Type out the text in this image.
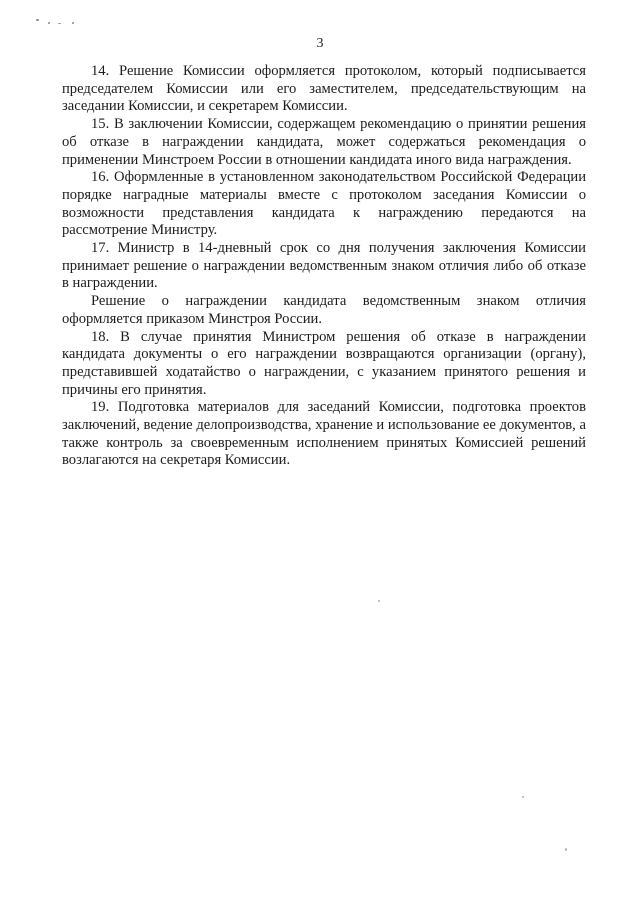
3

14. Решение Комиссии оформляется протоколом, который подписывается председателем Комиссии или его заместителем, председательствующим на заседании Комиссии, и секретарем Комиссии.

15. В заключении Комиссии, содержащем рекомендацию о принятии решения об отказе в награждении кандидата, может содержаться рекомендация о применении Минстроем России в отношении кандидата иного вида награждения.

16. Оформленные в установленном законодательством Российской Федерации порядке наградные материалы вместе с протоколом заседания Комиссии о возможности представления кандидата к награждению передаются на рассмотрение Министру.

17. Министр в 14-дневный срок со дня получения заключения Комиссии принимает решение о награждении ведомственным знаком отличия либо об отказе в награждении.

Решение о награждении кандидата ведомственным знаком отличия оформляется приказом Минстроя России.

18. В случае принятия Министром решения об отказе в награждении кандидата документы о его награждении возвращаются организации (органу), представившей ходатайство о награждении, с указанием принятого решения и причины его принятия.

19. Подготовка материалов для заседаний Комиссии, подготовка проектов заключений, ведение делопроизводства, хранение и использование ее документов, а также контроль за своевременным исполнением принятых Комиссией решений возлагаются на секретаря Комиссии.
